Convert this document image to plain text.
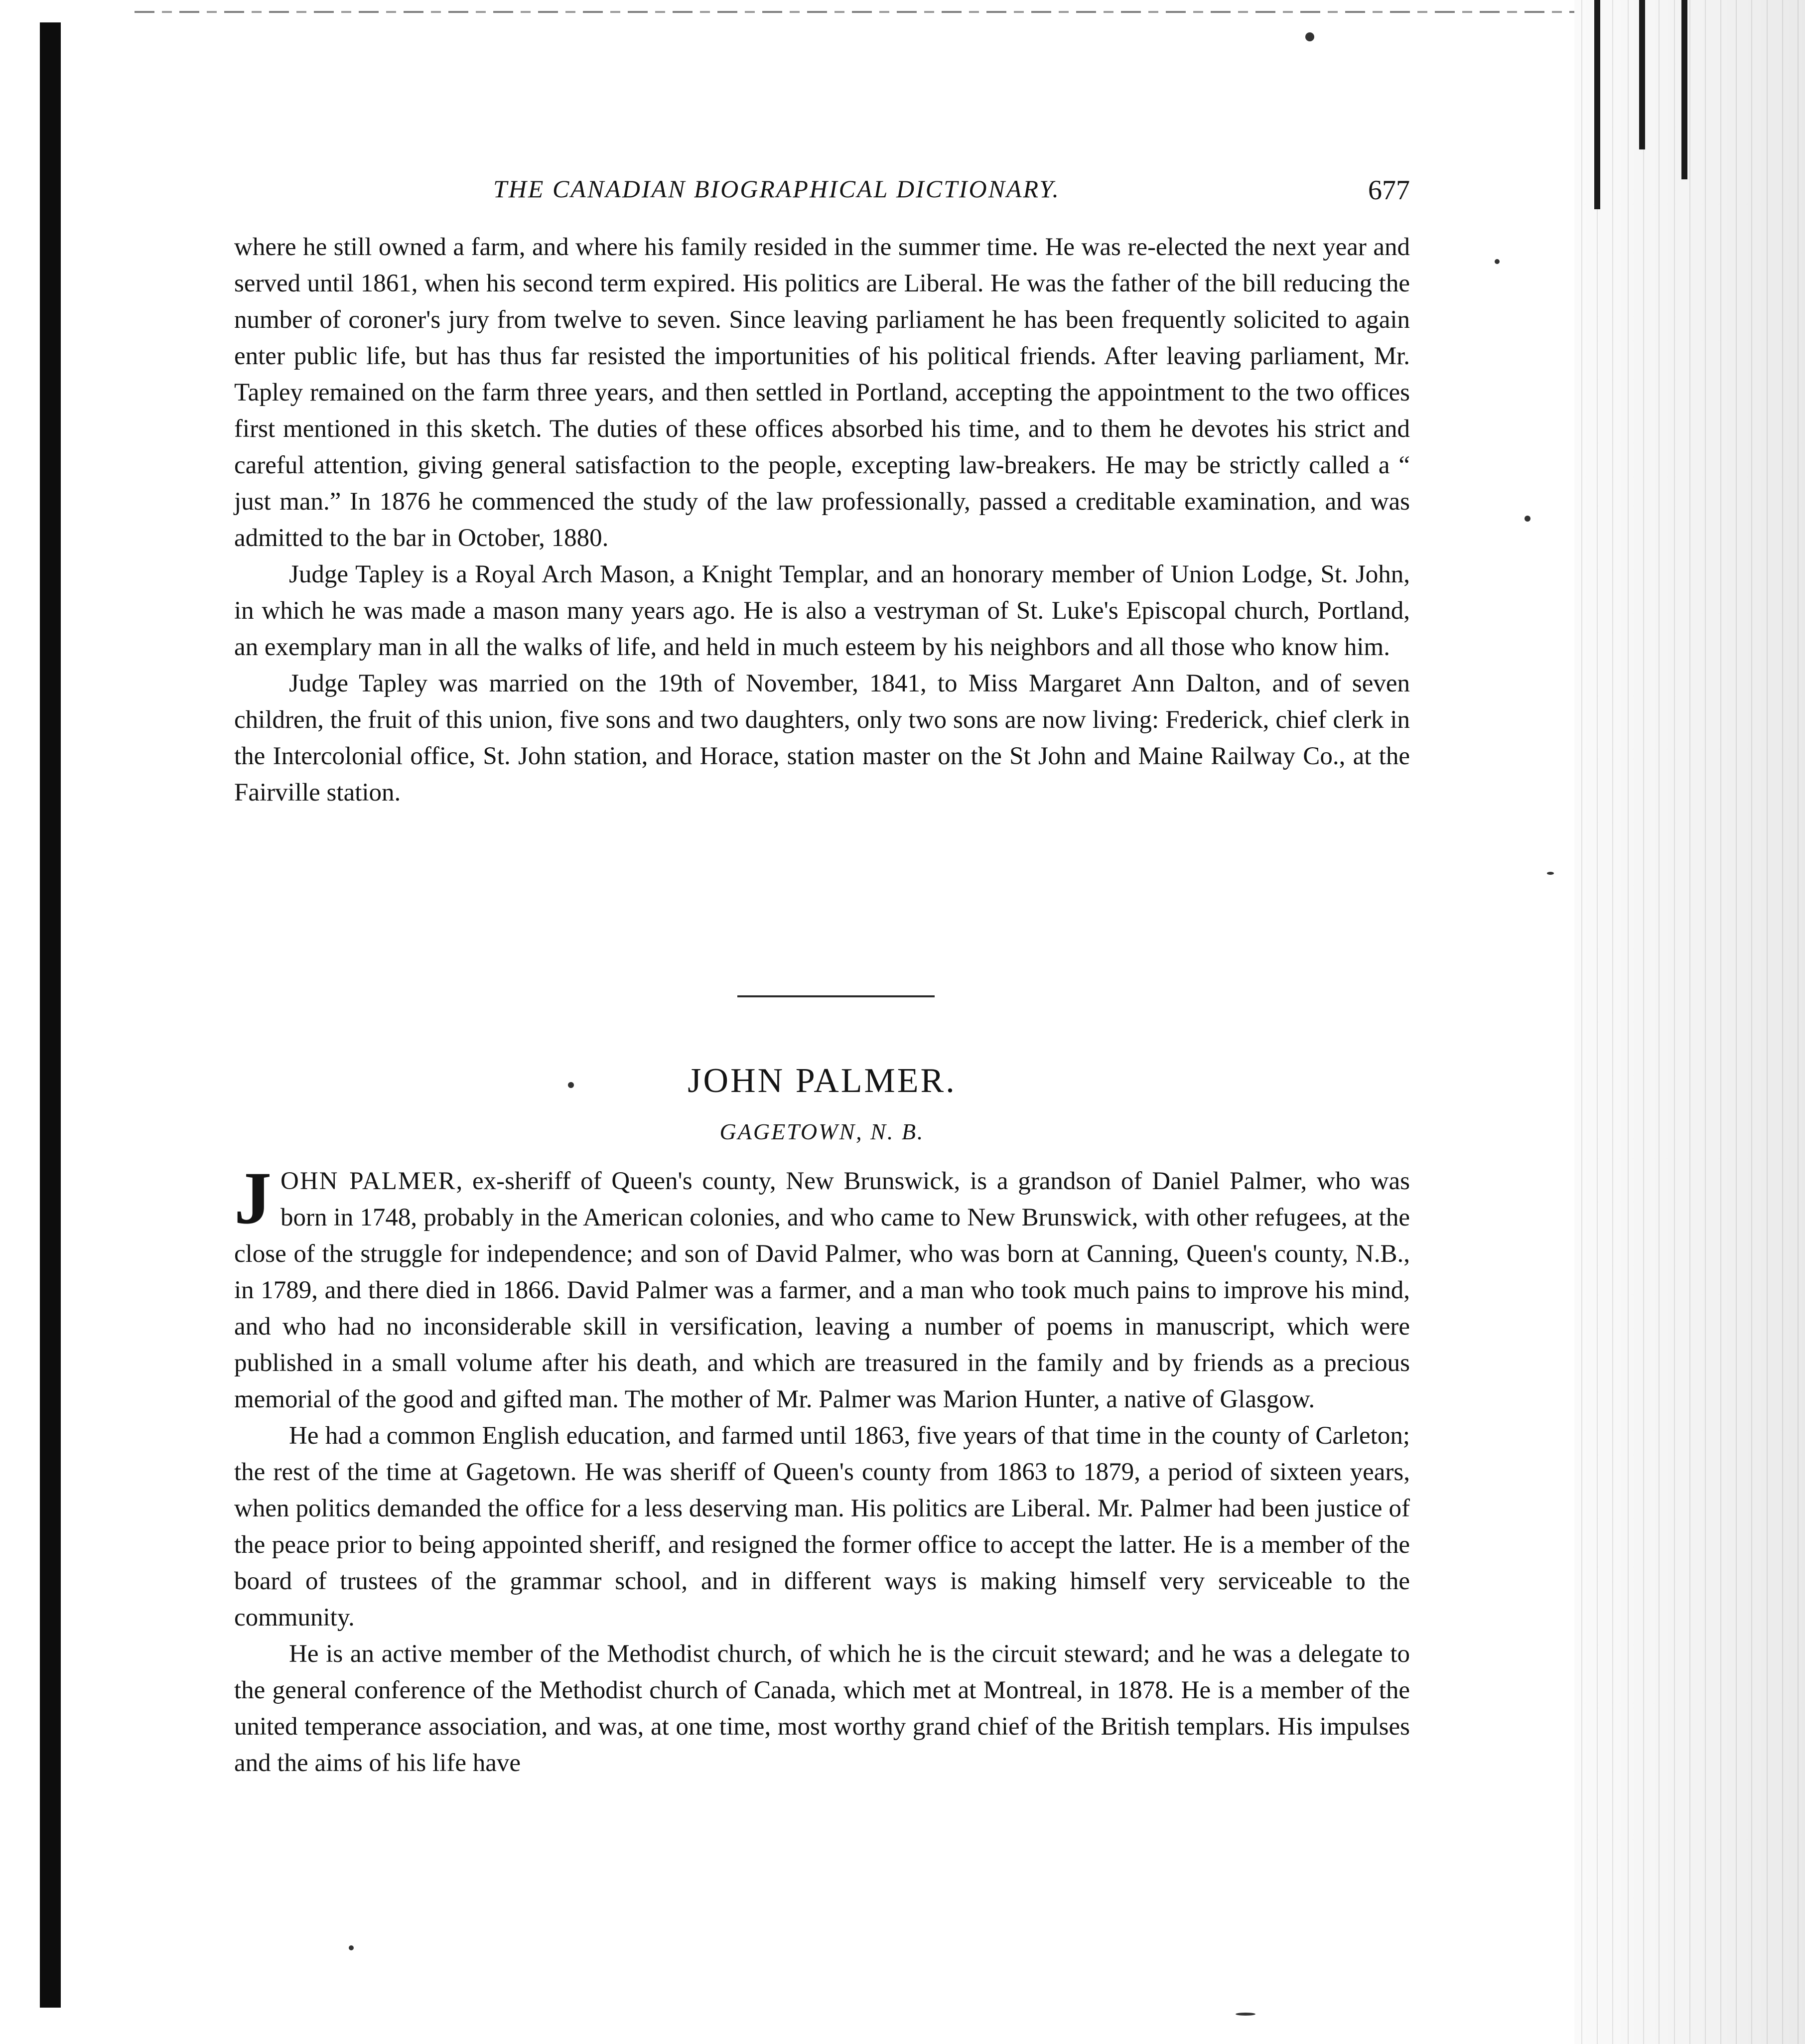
THE CANADIAN BIOGRAPHICAL DICTIONARY.	677

where he still owned a farm, and where his family resided in the summer time. He was re-elected the next year and served until 1861, when his second term expired. His politics are Liberal. He was the father of the bill reducing the number of coroner's jury from twelve to seven. Since leaving parliament he has been frequently solicited to again enter public life, but has thus far resisted the importunities of his political friends. After leaving parliament, Mr. Tapley remained on the farm three years, and then settled in Portland, accepting the appointment to the two offices first mentioned in this sketch. The duties of these offices absorbed his time, and to them he devotes his strict and careful attention, giving general satisfaction to the people, excepting law-breakers. He may be strictly called a “ just man.” In 1876 he commenced the study of the law professionally, passed a creditable examination, and was admitted to the bar in October, 1880.

Judge Tapley is a Royal Arch Mason, a Knight Templar, and an honorary member of Union Lodge, St. John, in which he was made a mason many years ago. He is also a vestryman of St. Luke's Episcopal church, Portland, an exemplary man in all the walks of life, and held in much esteem by his neighbors and all those who know him.

Judge Tapley was married on the 19th of November, 1841, to Miss Margaret Ann Dalton, and of seven children, the fruit of this union, five sons and two daughters, only two sons are now living: Frederick, chief clerk in the Intercolonial office, St. John station, and Horace, station master on the St John and Maine Railway Co., at the Fairville station.

JOHN PALMER.
GAGETOWN, N. B.

JOHN PALMER, ex-sheriff of Queen's county, New Brunswick, is a grandson of Daniel Palmer, who was born in 1748, probably in the American colonies, and who came to New Brunswick, with other refugees, at the close of the struggle for independence; and son of David Palmer, who was born at Canning, Queen's county, N.B., in 1789, and there died in 1866. David Palmer was a farmer, and a man who took much pains to improve his mind, and who had no inconsiderable skill in versification, leaving a number of poems in manuscript, which were published in a small volume after his death, and which are treasured in the family and by friends as a precious memorial of the good and gifted man. The mother of Mr. Palmer was Marion Hunter, a native of Glasgow.

He had a common English education, and farmed until 1863, five years of that time in the county of Carleton; the rest of the time at Gagetown. He was sheriff of Queen's county from 1863 to 1879, a period of sixteen years, when politics demanded the office for a less deserving man. His politics are Liberal. Mr. Palmer had been justice of the peace prior to being appointed sheriff, and resigned the former office to accept the latter. He is a member of the board of trustees of the grammar school, and in different ways is making himself very serviceable to the community.

He is an active member of the Methodist church, of which he is the circuit steward; and he was a delegate to the general conference of the Methodist church of Canada, which met at Montreal, in 1878. He is a member of the united temperance association, and was, at one time, most worthy grand chief of the British templars. His impulses and the aims of his life have
